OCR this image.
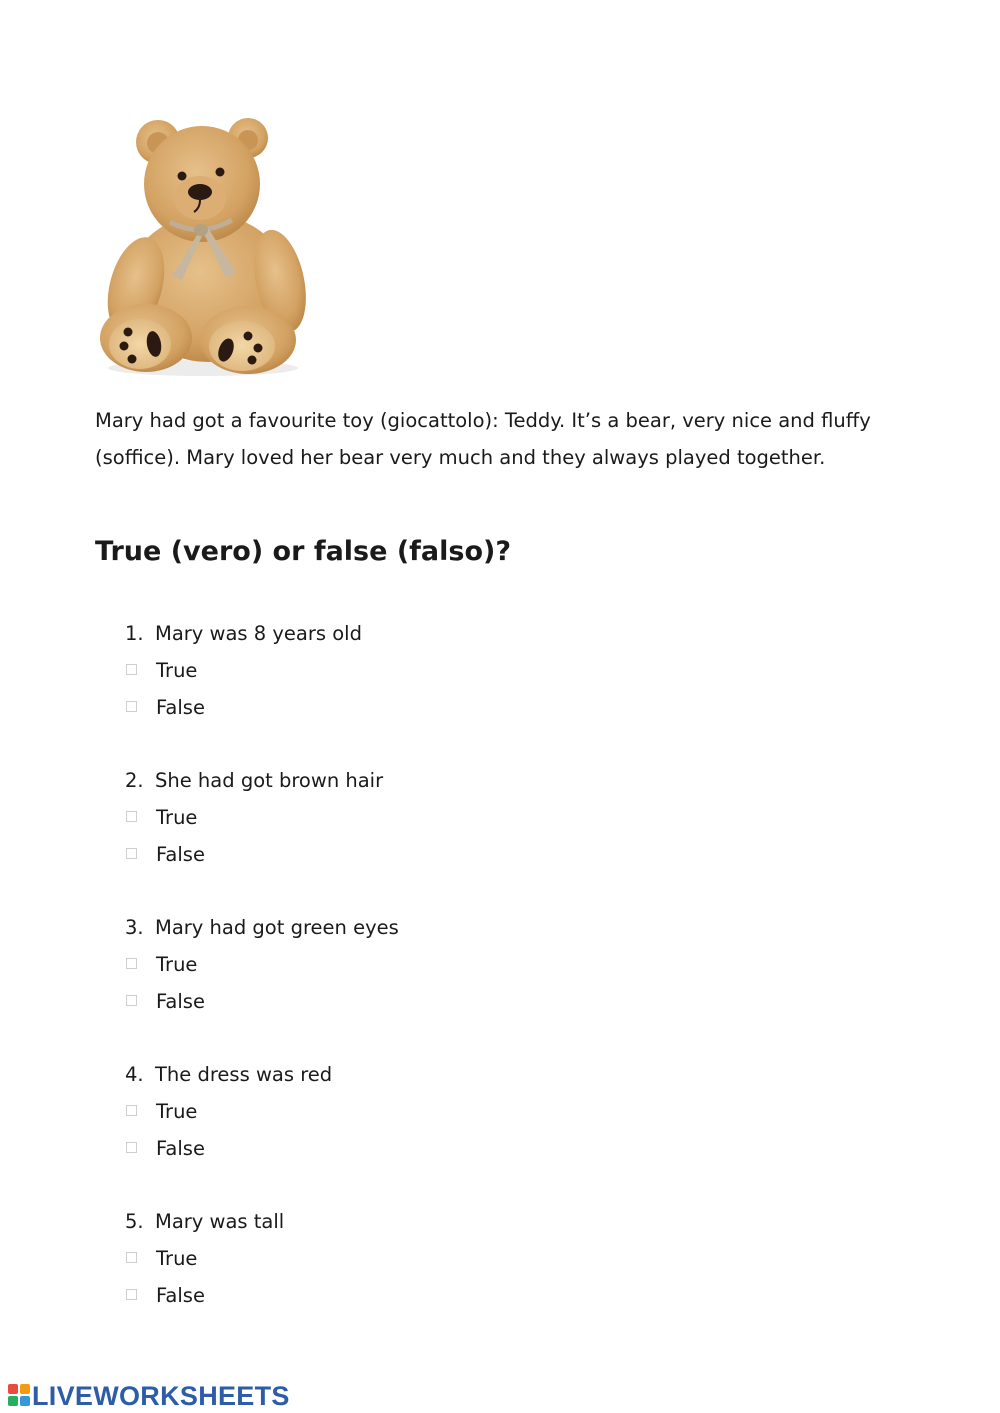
Mary had got a favourite toy (giocattolo): Teddy. It’s a bear, very nice and fluffy (soffice). Mary loved her bear very much and they always played together.

True (vero) or false (falso)?
1. Mary was 8 years old
True
False
2. She had got brown hair
True
False
3. Mary had got green eyes
True
False
4. The dress was red
True
False
5. Mary was tall
True
False
LIVEWORKSHEETS
